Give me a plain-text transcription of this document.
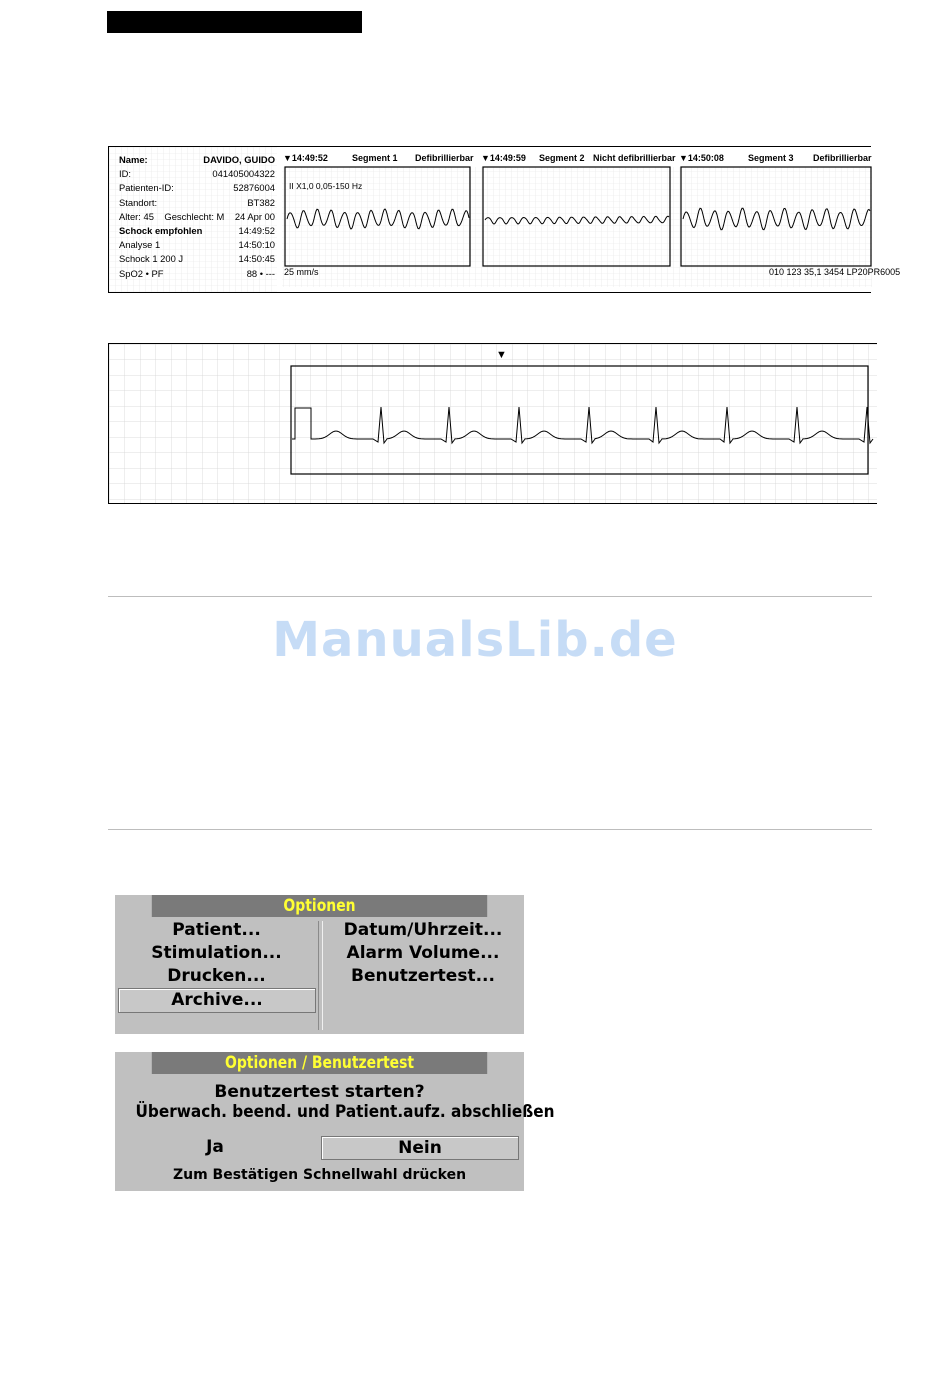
Name:	DAVIDO, GUIDO
ID:	041405004322
Patienten-ID:	52876004
Standort:	BT382
Alter: 45 Geschlecht: M 24 Apr 00
Schock empfohlen	14:49:52
Analyse 1	14:50:10
Schock 1 200 J	14:50:45
SpO2 • PF	88 • ---
▼14:49:52	Segment 1 Defibrillierbar ▼14:49:59 Segment 2 Nicht defibrillierbar ▼14:50:08	Segment 3 Defibrillierbar
II X1,0 0,05-150 Hz
25 mm/s	010 123 35,1 3454 LP20PR6005
▼
ManualsLib.de
Optionen
Patient...
Stimulation...
Drucken...
Archive...
Datum/Uhrzeit...
Alarm Volume...
Benutzertest...
Optionen / Benutzertest
Benutzertest starten?
Überwach. beend. und Patient.aufz. abschließen
Ja	Nein
Zum Bestätigen Schnellwahl drücken
